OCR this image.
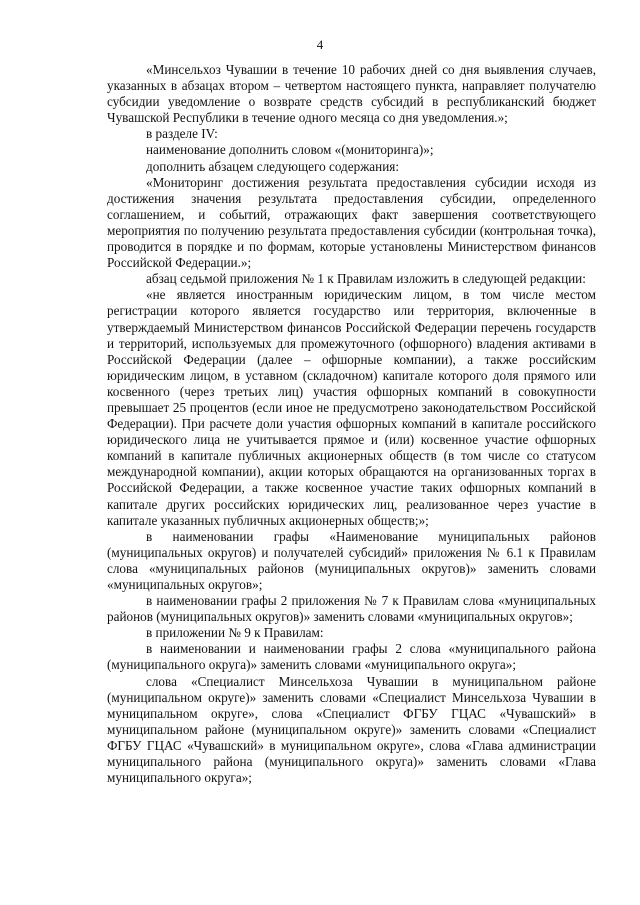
4

«Минсельхоз Чувашии в течение 10 рабочих дней со дня выявления случаев, указанных в абзацах втором – четвертом настоящего пункта, направляет получателю субсидии уведомление о возврате средств субсидий в республиканский бюджет Чувашской Республики в течение одного месяца со дня уведомления.»;

в разделе IV:

наименование дополнить словом «(мониторинга)»;

дополнить абзацем следующего содержания:

«Мониторинг достижения результата предоставления субсидии исходя из достижения значения результата предоставления субсидии, определенного соглашением, и событий, отражающих факт завершения соответствующего мероприятия по получению результата предоставления субсидии (контрольная точка), проводится в порядке и по формам, которые установлены Министерством финансов Российской Федерации.»;

абзац седьмой приложения № 1 к Правилам изложить в следующей редакции:

«не является иностранным юридическим лицом, в том числе местом регистрации которого является государство или территория, включенные в утверждаемый Министерством финансов Российской Федерации перечень государств и территорий, используемых для промежуточного (офшорного) владения активами в Российской Федерации (далее – офшорные компании), а также российским юридическим лицом, в уставном (складочном) капитале которого доля прямого или косвенного (через третьих лиц) участия офшорных компаний в совокупности превышает 25 процентов (если иное не предусмотрено законодательством Российской Федерации). При расчете доли участия офшорных компаний в капитале российского юридического лица не учитывается прямое и (или) косвенное участие офшорных компаний в капитале публичных акционерных обществ (в том числе со статусом международной компании), акции которых обращаются на организованных торгах в Российской Федерации, а также косвенное участие таких офшорных компаний в капитале других российских юридических лиц, реализованное через участие в капитале указанных публичных акционерных обществ;»;

в наименовании графы «Наименование муниципальных районов (муниципальных округов) и получателей субсидий» приложения № 6.1 к Правилам слова «муниципальных районов (муниципальных округов)» заменить словами «муниципальных округов»;

в наименовании графы 2 приложения № 7 к Правилам слова «муниципальных районов (муниципальных округов)» заменить словами «муниципальных округов»;

в приложении № 9 к Правилам:

в наименовании и наименовании графы 2 слова «муниципального района (муниципального округа)» заменить словами «муниципального округа»;

слова «Специалист Минсельхоза Чувашии в муниципальном районе (муниципальном округе)» заменить словами «Специалист Минсельхоза Чувашии в муниципальном округе», слова «Специалист ФГБУ ГЦАС «Чувашский» в муниципальном районе (муниципальном округе)» заменить словами «Специалист ФГБУ ГЦАС «Чувашский» в муниципальном округе», слова «Глава администрации муниципального района (муниципального округа)» заменить словами «Глава муниципального округа»;
